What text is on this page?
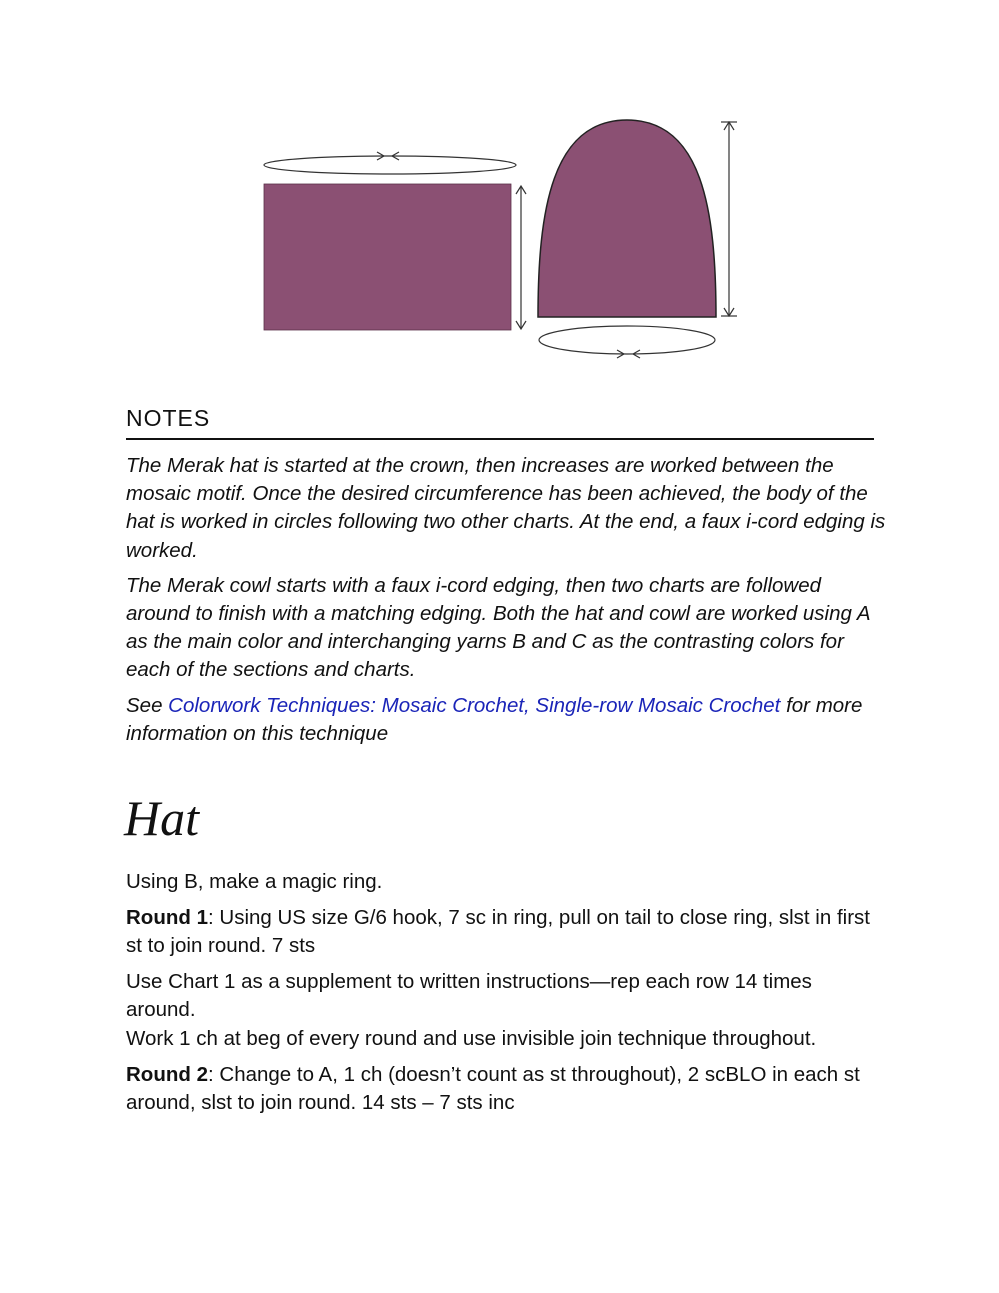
NOTES

The Merak hat is started at the crown, then increases are worked between the mosaic motif. Once the desired circumference has been achieved, the body of the hat is worked in circles following two other charts. At the end, a faux i-cord edging is worked.

The Merak cowl starts with a faux i-cord edging, then two charts are followed around to finish with a matching edging. Both the hat and cowl are worked using A as the main color and interchanging yarns B and C as the contrasting colors for each of the sections and charts.

See Colorwork Techniques: Mosaic Crochet, Single-row Mosaic Crochet for more information on this technique

Hat

Using B, make a magic ring.

Round 1: Using US size G/6 hook, 7 sc in ring, pull on tail to close ring, slst in first st to join round. 7 sts

Use Chart 1 as a supplement to written instructions—rep each row 14 times around.
Work 1 ch at beg of every round and use invisible join technique throughout.

Round 2: Change to A, 1 ch (doesn’t count as st throughout), 2 scBLO in each st around, slst to join round. 14 sts – 7 sts inc
